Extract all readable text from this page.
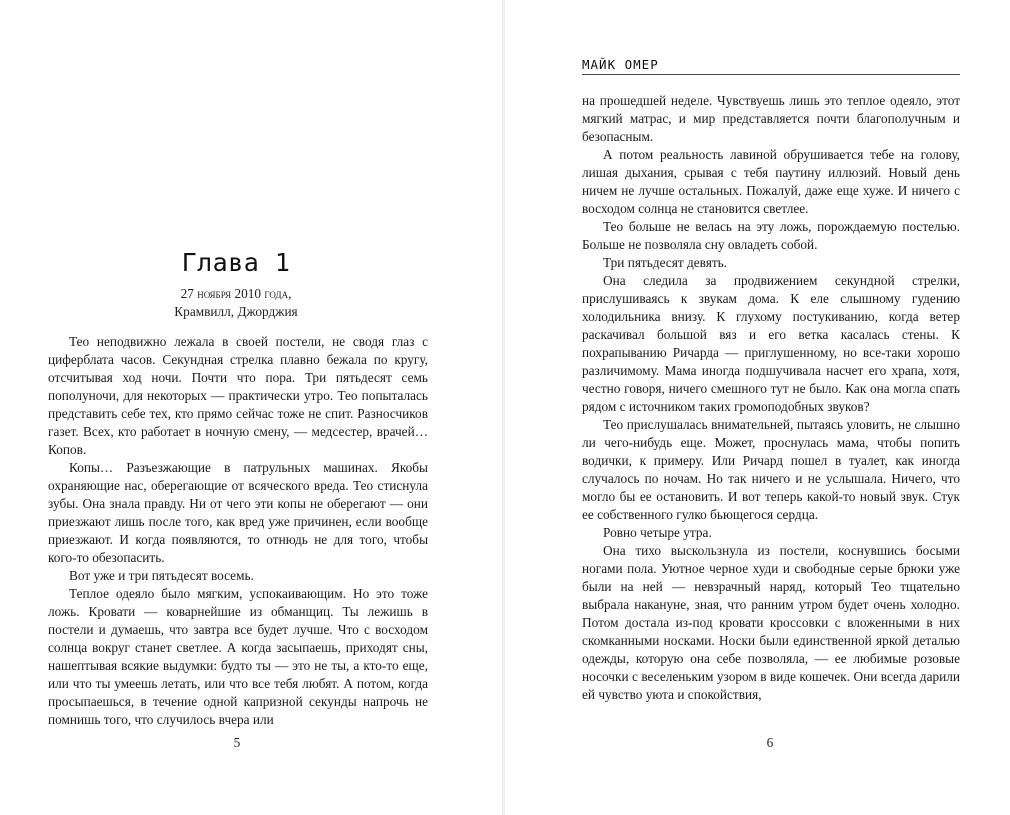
Глава 1
27 ноября 2010 года,
Крамвилл, Джорджия

Тео неподвижно лежала в своей постели, не сводя глаз с циферблата часов. Секундная стрелка плавно бежала по кругу, отсчитывая ход ночи. Почти что пора. Три пятьдесят семь пополуночи, для некоторых — практически утро. Тео попыталась представить себе тех, кто прямо сейчас тоже не спит. Разносчиков газет. Всех, кто работает в ночную смену, — медсестер, врачей… Копов.

Копы… Разъезжающие в патрульных машинах. Якобы охраняющие нас, оберегающие от всяческого вреда. Тео стиснула зубы. Она знала правду. Ни от чего эти копы не оберегают — они приезжают лишь после того, как вред уже причинен, если вообще приезжают. И когда появляются, то отнюдь не для того, чтобы кого-то обезопасить.

Вот уже и три пятьдесят восемь.

Теплое одеяло было мягким, успокаивающим. Но это тоже ложь. Кровати — коварнейшие из обманщиц. Ты лежишь в постели и думаешь, что завтра все будет лучше. Что с восходом солнца вокруг станет светлее. А когда засыпаешь, приходят сны, нашептывая всякие выдумки: будто ты — это не ты, а кто-то еще, или что ты умеешь летать, или что все тебя любят. А потом, когда просыпаешься, в течение одной капризной секунды напрочь не помнишь того, что случилось вчера или

5
МАЙК ОМЕР

на прошедшей неделе. Чувствуешь лишь это теплое одеяло, этот мягкий матрас, и мир представляется почти благополучным и безопасным.

А потом реальность лавиной обрушивается тебе на голову, лишая дыхания, срывая с тебя паутину иллюзий. Новый день ничем не лучше остальных. Пожалуй, даже еще хуже. И ничего с восходом солнца не становится светлее.

Тео больше не велась на эту ложь, порождаемую постелью. Больше не позволяла сну овладеть собой.

Три пятьдесят девять.

Она следила за продвижением секундной стрелки, прислушиваясь к звукам дома. К еле слышному гудению холодильника внизу. К глухому постукиванию, когда ветер раскачивал большой вяз и его ветка касалась стены. К похрапыванию Ричарда — приглушенному, но все-таки хорошо различимому. Мама иногда подшучивала насчет его храпа, хотя, честно говоря, ничего смешного тут не было. Как она могла спать рядом с источником таких громоподобных звуков?

Тео прислушалась внимательней, пытаясь уловить, не слышно ли чего-нибудь еще. Может, проснулась мама, чтобы попить водички, к примеру. Или Ричард пошел в туалет, как иногда случалось по ночам. Но так ничего и не услышала. Ничего, что могло бы ее остановить. И вот теперь какой-то новый звук. Стук ее собственного гулко бьющегося сердца.

Ровно четыре утра.

Она тихо выскользнула из постели, коснувшись босыми ногами пола. Уютное черное худи и свободные серые брюки уже были на ней — невзрачный наряд, который Тео тщательно выбрала накануне, зная, что ранним утром будет очень холодно. Потом достала из-под кровати кроссовки с вложенными в них скомканными носками. Носки были единственной яркой деталью одежды, которую она себе позволяла, — ее любимые розовые носочки с веселеньким узором в виде кошечек. Они всегда дарили ей чувство уюта и спокойствия,

6
